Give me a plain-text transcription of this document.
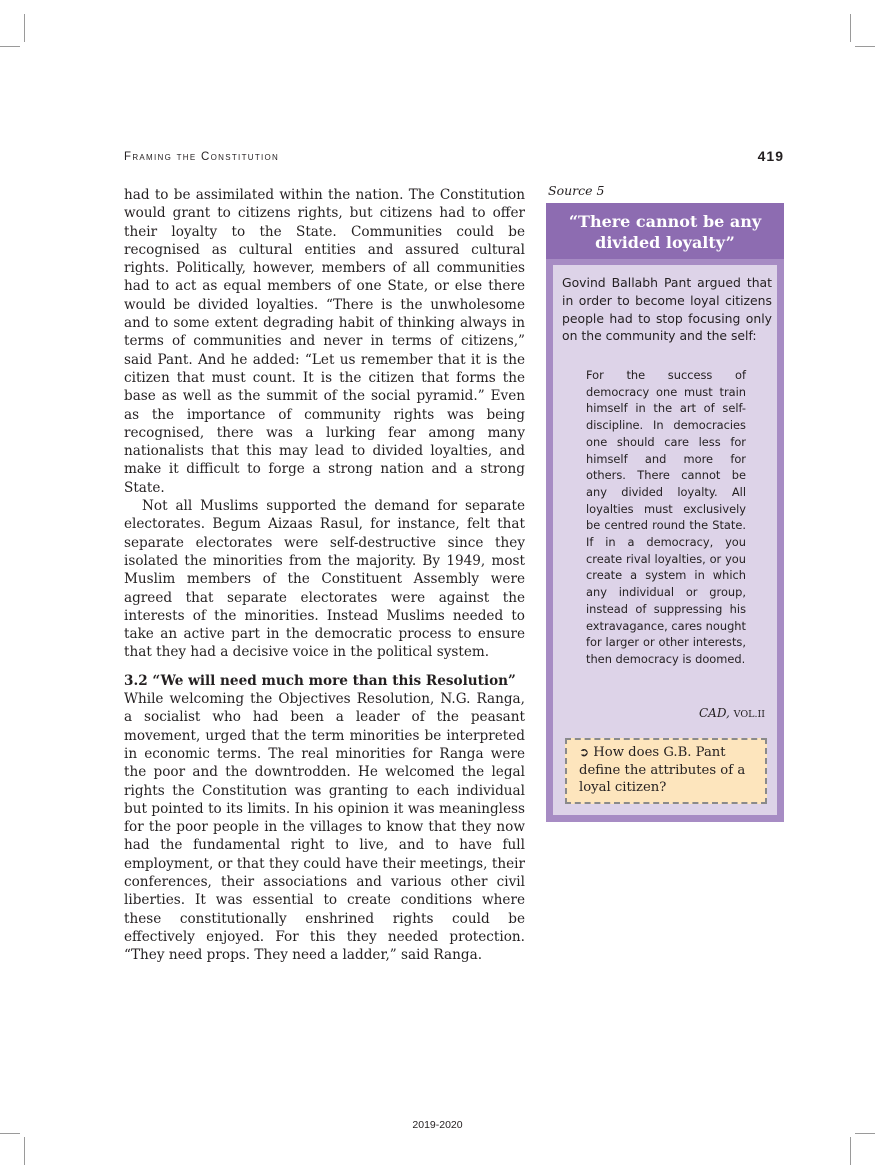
Framing the Constitution	419

had to be assimilated within the nation. The Constitution would grant to citizens rights, but citizens had to offer their loyalty to the State. Communities could be recognised as cultural entities and assured cultural rights. Politically, however, members of all communities had to act as equal members of one State, or else there would be divided loyalties. “There is the unwholesome and to some extent degrading habit of thinking always in terms of communities and never in terms of citizens,” said Pant. And he added: “Let us remember that it is the citizen that must count. It is the citizen that forms the base as well as the summit of the social pyramid.” Even as the importance of community rights was being recognised, there was a lurking fear among many nationalists that this may lead to divided loyalties, and make it difficult to forge a strong nation and a strong State.

Not all Muslims supported the demand for separate electorates. Begum Aizaas Rasul, for instance, felt that separate electorates were self-destructive since they isolated the minorities from the majority. By 1949, most Muslim members of the Constituent Assembly were agreed that separate electorates were against the interests of the minorities. Instead Muslims needed to take an active part in the democratic process to ensure that they had a decisive voice in the political system.

3.2 “We will need much more than this Resolution”

While welcoming the Objectives Resolution, N.G. Ranga, a socialist who had been a leader of the peasant movement, urged that the term minorities be interpreted in economic terms. The real minorities for Ranga were the poor and the downtrodden. He welcomed the legal rights the Constitution was granting to each individual but pointed to its limits. In his opinion it was meaningless for the poor people in the villages to know that they now had the fundamental right to live, and to have full employment, or that they could have their meetings, their conferences, their associations and various other civil liberties. It was essential to create conditions where these constitutionally enshrined rights could be effectively enjoyed. For this they needed protection. “They need props. They need a ladder,” said Ranga.

Source 5
“There cannot be any divided loyalty”
Govind Ballabh Pant argued that in order to become loyal citizens people had to stop focusing only on the community and the self:
For the success of democracy one must train himself in the art of self-discipline. In democracies one should care less for himself and more for others. There cannot be any divided loyalty. All loyalties must exclusively be centred round the State. If in a democracy, you create rival loyalties, or you create a system in which any individual or group, instead of suppressing his extravagance, cares nought for larger or other interests, then democracy is doomed.
CAD, VOL.II
➲ How does G.B. Pant define the attributes of a loyal citizen?
2019-2020
